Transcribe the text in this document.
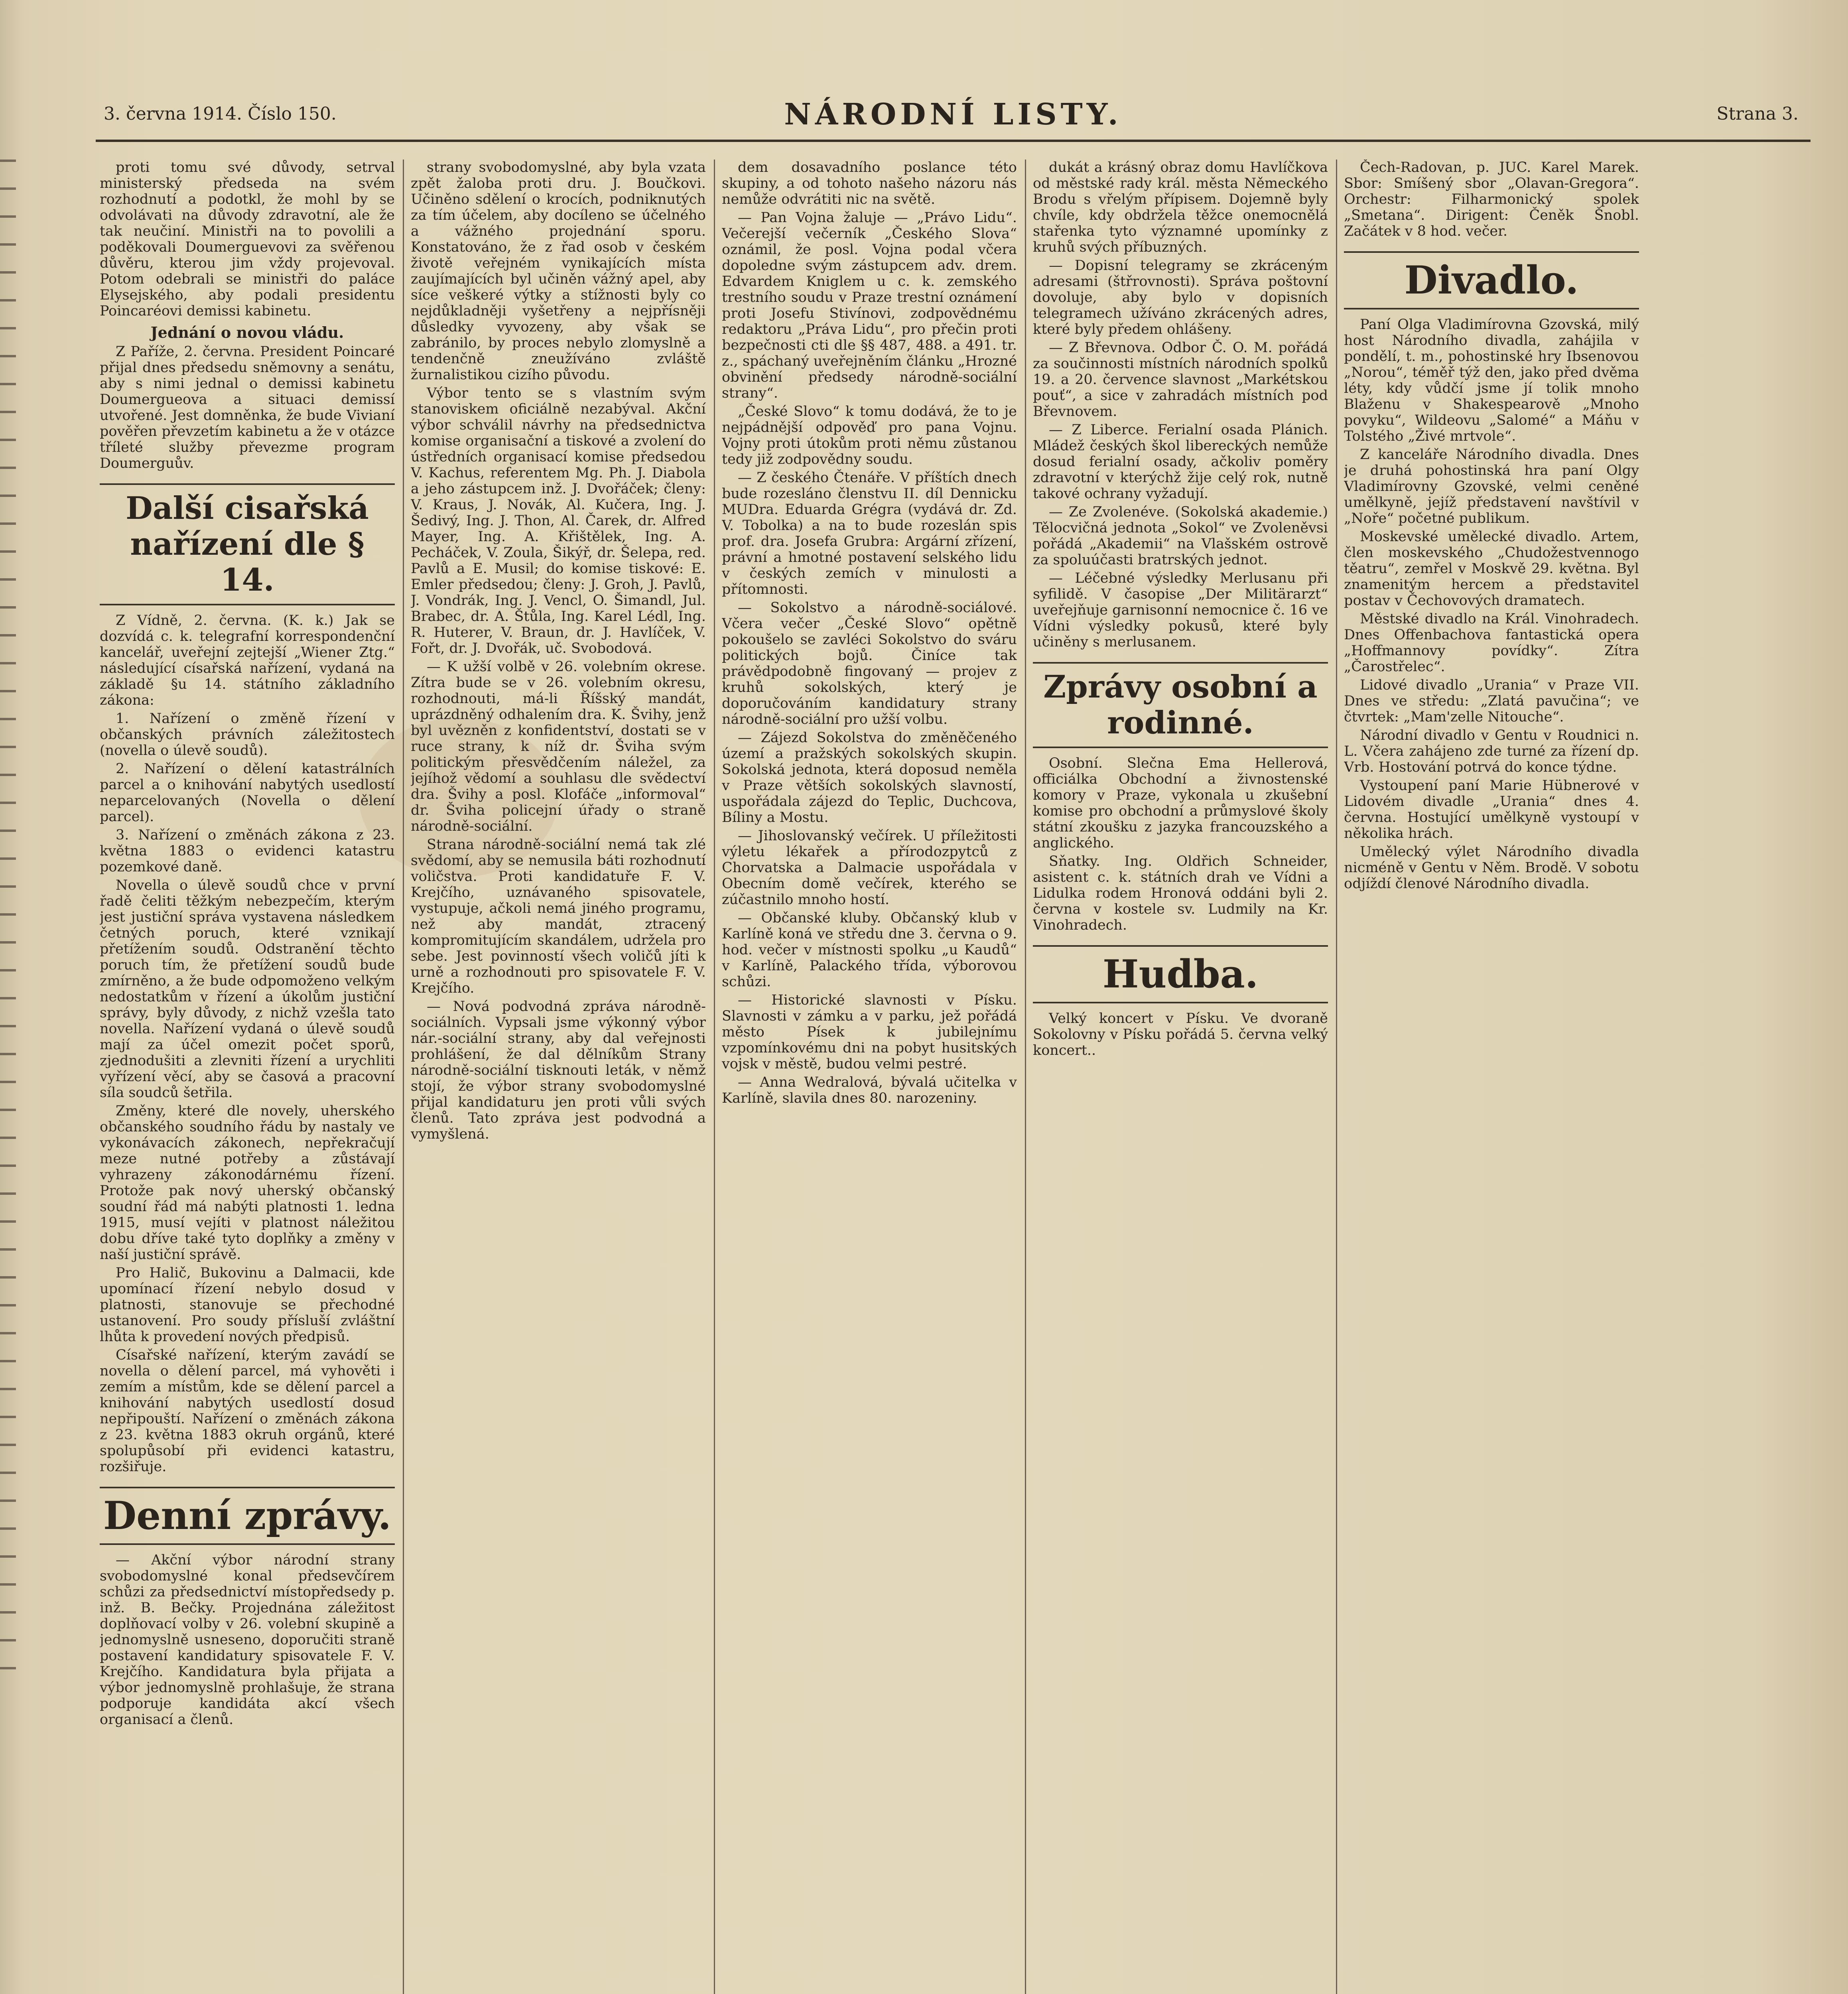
3. června 1914. Číslo 150.	NÁRODNÍ LISTY.	Strana 3.

proti tomu své důvody, setrval ministerský předseda na svém rozhodnutí a podotkl, že mohl by se odvolávati na důvody zdravotní, ale že tak neučiní. Ministři na to povolili a poděkovali Doumerguevovi za svěřenou důvěru, kterou jim vždy projevoval. Potom odebrali se ministři do paláce Elysejského, aby podali presidentu Poincaréovi demissi kabinetu.

Jednání o novou vládu.

Z Paříže, 2. června. President Poincaré přijal dnes předsedu sněmovny a senátu, aby s nimi jednal o demissi kabinetu Doumergueova a situaci demissí utvořené. Jest domněnka, že bude Vivianí pověřen převzetím kabinetu a že v otázce tříleté služby převezme program Doumerguův.

Další cisařská nařízení dle § 14.

Z Vídně, 2. června. (K. k.) Jak se dozvídá c. k. telegrafní korrespondenční kancelář, uveřejní zejtejší „Wiener Ztg.“ následující císařská nařízení, vydaná na základě §u 14. státního základního zákona:

1. Nařízení o změně řízení v občanských právních záležitostech (novella o úlevě soudů).

2. Nařízení o dělení katastrálních parcel a o knihování nabytých usedlostí neparcelovaných (Novella o dělení parcel).

3. Nařízení o změnách zákona z 23. května 1883 o evidenci katastru pozemkové daně.

Novella o úlevě soudů chce v první řadě čeliti těžkým nebezpečím, kterým jest justiční správa vystavena následkem četných poruch, které vznikají přetížením soudů. Odstranění těchto poruch tím, že přetížení soudů bude zmírněno, a že bude odpomoženo velkým nedostatkům v řízení a úkolům justiční správy, byly důvody, z nichž vzešla tato novella. Nařízení vydaná o úlevě soudů mají za účel omezit počet sporů, zjednodušiti a zlevniti řízení a urychliti vyřízení věcí, aby se časová a pracovní síla soudců šetřila.

Změny, které dle novely, uherského občanského soudního řádu by nastaly ve vykonávacích zákonech, nepřekračují meze nutné potřeby a zůstávají vyhrazeny zákonodárnému řízení. Protože pak nový uherský občanský soudní řád má nabýti platnosti 1. ledna 1915, musí vejíti v platnost náležitou dobu dříve také tyto doplňky a změny v naší justiční správě.

Pro Halič, Bukovinu a Dalmacii, kde upomínací řízení nebylo dosud v platnosti, stanovuje se přechodné ustanovení. Pro soudy přísluší zvláštní lhůta k provedení nových předpisů.

Císařské nařízení, kterým zavádí se novella o dělení parcel, má vyhověti i zemím a místům, kde se dělení parcel a knihování nabytých usedlostí dosud nepřipouští. Nařízení o změnách zákona z 23. května 1883 okruh orgánů, které spolupůsobí při evidenci katastru, rozšiřuje.

Denní zprávy.

— Akční výbor národní strany svobodomyslné konal předsevčírem schůzi za předsednictví místopředsedy p. inž. B. Bečky. Projednána záležitost doplňovací volby v 26. volební skupině a jednomyslně usneseno, doporučiti straně postavení kandidatury spisovatele F. V. Krejčího. Kandidatura byla přijata a výbor jednomyslně prohlašuje, že strana podporuje kandidáta akcí všech organisací a členů.

strany svobodomyslné, aby byla vzata zpět žaloba proti dru. J. Boučkovi. Učiněno sdělení o krocích, podniknutých za tím účelem, aby docíleno se účelného a vážného projednání sporu. Konstatováno, že z řad osob v českém životě veřejném vynikajících místa zaujímajících byl učiněn vážný apel, aby síce veškeré výtky a stížnosti byly co nejdůkladněji vyšetřeny a nejpřísněji důsledky vyvozeny, aby však se zabránilo, by proces nebylo zlomyslně a tendenčně zneužíváno zvláště žurnalistikou cizího původu.

Výbor tento se s vlastním svým stanoviskem oficiálně nezabýval. Akční výbor schválil návrhy na předsednictva komise organisační a tiskové a zvolení do ústředních organisací komise předsedou V. Kachus, referentem Mg. Ph. J. Diabola a jeho zástupcem inž. J. Dvořáček; členy: V. Kraus, J. Novák, Al. Kučera, Ing. J. Šedivý, Ing. J. Thon, Al. Čarek, dr. Alfred Mayer, Ing. A. Křištělek, Ing. A. Pecháček, V. Zoula, Šikýř, dr. Šelepa, red. Pavlů a E. Musil; do komise tiskové: E. Emler předsedou; členy: J. Groh, J. Pavlů, J. Vondrák, Ing. J. Vencl, O. Šimandl, Jul. Brabec, dr. A. Štůla, Ing. Karel Lédl, Ing. R. Huterer, V. Braun, dr. J. Havlíček, V. Fořt, dr. J. Dvořák, uč. Svobodová.

— K užší volbě v 26. volebním okrese. Zítra bude se v 26. volebním okresu, rozhodnouti, má-li Říšský mandát, uprázdněný odhalením dra. K. Švihy, jenž byl uvězněn z konfidentství, dostati se v ruce strany, k níž dr. Šviha svým politickým přesvědčením náležel, za jejíhož vědomí a souhlasu dle svědectví dra. Švihy a posl. Klofáče „informoval“ dr. Šviha policejní úřady o straně národně-sociální.

Strana národně-sociální nemá tak zlé svědomí, aby se nemusila báti rozhodnutí voličstva. Proti kandidatuře F. V. Krejčího, uznávaného spisovatele, vystupuje, ačkoli nemá jiného programu, než aby mandát, ztracený kompromitujícím skandálem, udržela pro sebe. Jest povinností všech voličů jíti k urně a rozhodnouti pro spisovatele F. V. Krejčího.

— Nová podvodná zpráva národně-sociálních. Vypsali jsme výkonný výbor nár.-sociální strany, aby dal veřejnosti prohlášení, že dal dělníkům Strany národně-sociální tisknouti leták, v němž stojí, že výbor strany svobodomyslné přijal kandidaturu jen proti vůli svých členů. Tato zpráva jest podvodná a vymyšlená.

dem dosavadního poslance této skupiny, a od tohoto našeho názoru nás nemůže odvrátiti nic na světě.

— Pan Vojna žaluje — „Právo Lidu“. Večerejší večerník „Českého Slova“ oznámil, že posl. Vojna podal včera dopoledne svým zástupcem adv. drem. Edvardem Kniglem u c. k. zemského trestního soudu v Praze trestní oznámení proti Josefu Stivínovi, zodpovědnému redaktoru „Práva Lidu“, pro přečin proti bezpečnosti cti dle §§ 487, 488. a 491. tr. z., spáchaný uveřejněním článku „Hrozné obvinění předsedy národně-sociální strany“.

„České Slovo“ k tomu dodává, že to je nejpádnější odpověď pro pana Vojnu. Vojny proti útokům proti němu zůstanou tedy již zodpovědny soudu.

— Z českého Čtenáře. V příštích dnech bude rozesláno členstvu II. díl Dennicku MUDra. Eduarda Grégra (vydává dr. Zd. V. Tobolka) a na to bude rozeslán spis prof. dra. Josefa Grubra: Argární zřízení, právní a hmotné postavení selského lidu v českých zemích v minulosti a přítomnosti.

— Sokolstvo a národně-sociálové. Včera večer „České Slovo“ opětně pokoušelo se zavléci Sokolstvo do sváru politických bojů. Činíce tak právědpodobně fingovaný — projev z kruhů sokolských, který je doporučováním kandidatury strany národně-sociální pro užší volbu.

— Zájezd Sokolstva do změněčeného území a pražských sokolských skupin. Sokolská jednota, která doposud neměla v Praze větších sokolských slavností, uspořádala zájezd do Teplic, Duchcova, Bíliny a Mostu.

— Jihoslovanský večírek. U příležitosti výletu lékařek a přírodozpytců z Chorvatska a Dalmacie uspořádala v Obecním domě večírek, kterého se zúčastnilo mnoho hostí.

— Občanské kluby. Občanský klub v Karlíně koná ve středu dne 3. června o 9. hod. večer v místnosti spolku „u Kaudů“ v Karlíně, Palackého třída, výborovou schůzi.

— Historické slavnosti v Písku. Slavnosti v zámku a v parku, jež pořádá město Písek k jubilejnímu vzpomínkovému dni na pobyt husitských vojsk v městě, budou velmi pestré.

— Anna Wedralová, bývalá učitelka v Karlíně, slavila dnes 80. narozeniny.

dukát a krásný obraz domu Havlíčkova od městské rady král. města Německého Brodu s vřelým přípisem. Dojemně byly chvíle, kdy obdržela těžce onemocnělá stařenka tyto významné upomínky z kruhů svých příbuzných.

— Dopisní telegramy se zkráceným adresami (štřrovnosti). Správa poštovní dovoluje, aby bylo v dopisních telegramech užíváno zkrácených adres, které byly předem ohlášeny.

— Z Břevnova. Odbor Č. O. M. pořádá za součinnosti místních národních spolků 19. a 20. července slavnost „Markétskou pouť“, a sice v zahradách místních pod Břevnovem.

— Z Liberce. Ferialní osada Plánich. Mládež českých škol libereckých nemůže dosud ferialní osady, ačkoliv poměry zdravotní v kterýchž žije celý rok, nutně takové ochrany vyžadují.

— Ze Zvolenéve. (Sokolská akademie.) Tělocvičná jednota „Sokol“ ve Zvoleněvsi pořádá „Akademii“ na Vlašském ostrově za spoluúčasti bratrských jednot.

— Léčebné výsledky Merlusanu při syfilidě. V časopise „Der Militärarzt“ uveřejňuje garnisonní nemocnice č. 16 ve Vídni výsledky pokusů, které byly učiněny s merlusanem.

Zprávy osobní a rodinné.

Osobní. Slečna Ema Hellerová, officiálka Obchodní a živnostenské komory v Praze, vykonala u zkušební komise pro obchodní a průmyslové školy státní zkoušku z jazyka francouzského a anglického.

Sňatky. Ing. Oldřich Schneider, asistent c. k. státních drah ve Vídni a Lidulka rodem Hronová oddáni byli 2. června v kostele sv. Ludmily na Kr. Vinohradech.

Hudba.

Velký koncert v Písku. Ve dvoraně Sokolovny v Písku pořádá 5. června velký koncert..

Čech-Radovan, p. JUC. Karel Marek. Sbor: Smíšený sbor „Olavan-Gregora“. Orchestr: Filharmonický spolek „Smetana“. Dirigent: Čeněk Šnobl. Začátek v 8 hod. večer.

Divadlo.

Paní Olga Vladimírovna Gzovská, milý host Národního divadla, zahájila v pondělí, t. m., pohostinské hry Ibsenovou „Norou“, téměř týž den, jako před dvěma léty, kdy vůdčí jsme jí tolik mnoho Blaženu v Shakespearově „Mnoho povyku“, Wildeovu „Salomé“ a Máňu v Tolstého „Živé mrtvole“.

Z kanceláře Národního divadla. Dnes je druhá pohostinská hra paní Olgy Vladimírovny Gzovské, velmi ceněné umělkyně, jejíž představení navštívil v „Noře“ početné publikum.

Moskevské umělecké divadlo. Artem, člen moskevského „Chudožestvennogo těatru“, zemřel v Moskvě 29. května. Byl znamenitým hercem a představitel postav v Čechovových dramatech.

Městské divadlo na Král. Vinohradech. Dnes Offenbachova fantastická opera „Hoffmannovy povídky“. Zítra „Čarostřelec“.

Lidové divadlo „Urania“ v Praze VII. Dnes ve středu: „Zlatá pavučina“; ve čtvrtek: „Mam'zelle Nitouche“.

Národní divadlo v Gentu v Roudnici n. L. Včera zahájeno zde turné za řízení dp. Vrb. Hostování potrvá do konce týdne.

Vystoupení paní Marie Hübnerové v Lidovém divadle „Urania“ dnes 4. června. Hostující umělkyně vystoupí v několika hrách.

Umělecký výlet Národního divadla nicméně v Gentu v Něm. Brodě. V sobotu odjíždí členové Národního divadla.
